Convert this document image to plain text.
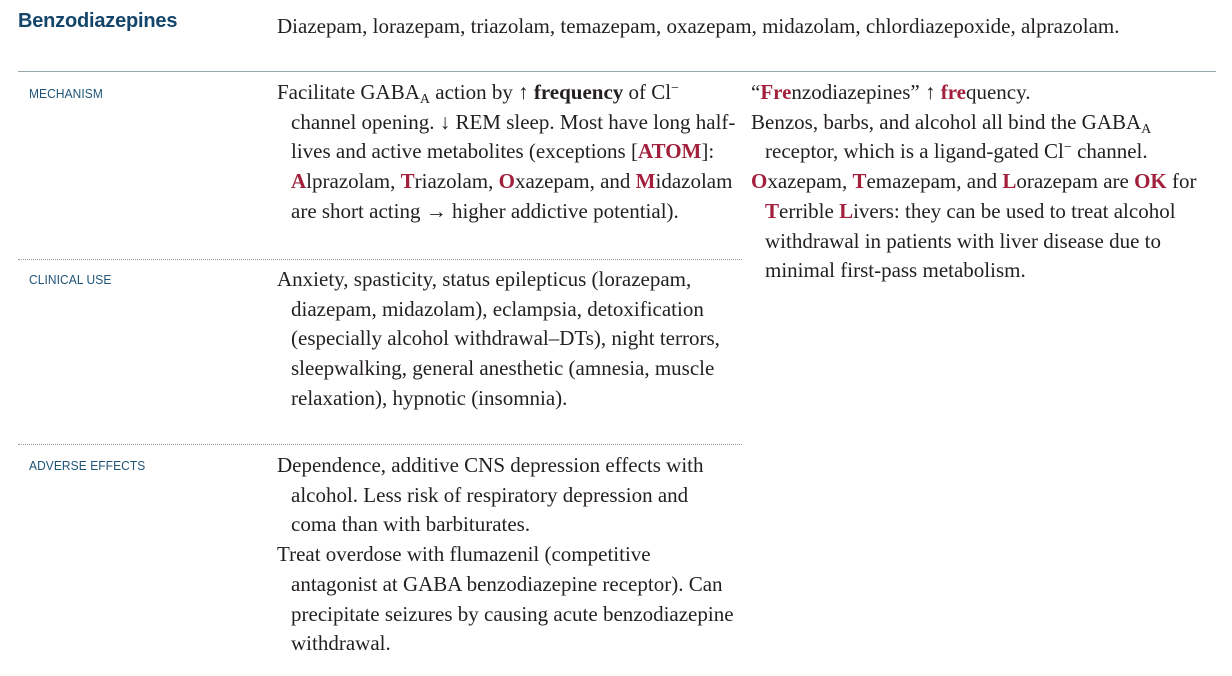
Benzodiazepines	Diazepam, lorazepam, triazolam, temazepam, oxazepam, midazolam, chlordiazepoxide, alprazolam.
MECHANISM	Facilitate $GABA_A$ action by ↑ frequency of Cl− channel opening. ↓ REM sleep. Most have long half-lives and active metabolites (exceptions [ATOM]: Alprazolam, Triazolam, Oxazepam, and Midazolam are short acting → higher addictive potential).

CLINICAL USE	Anxiety, spasticity, status epilepticus (lorazepam, diazepam, midazolam), eclampsia, detoxification (especially alcohol withdrawal–DTs), night terrors, sleepwalking, general anesthetic (amnesia, muscle relaxation), hypnotic (insomnia).

ADVERSE EFFECTS	Dependence, additive CNS depression effects with alcohol. Less risk of respiratory depression and coma than with barbiturates.

Treat overdose with flumazenil (competitive antagonist at GABA benzodiazepine receptor). Can precipitate seizures by causing acute benzodiazepine withdrawal.

“Frenzodiazepines” ↑ frequency.

Benzos, barbs, and alcohol all bind the $GABA_A$ receptor, which is a ligand-gated Cl− channel.

Oxazepam, Temazepam, and Lorazepam are OK for Terrible Livers: they can be used to treat alcohol withdrawal in patients with liver disease due to minimal first-pass metabolism.
